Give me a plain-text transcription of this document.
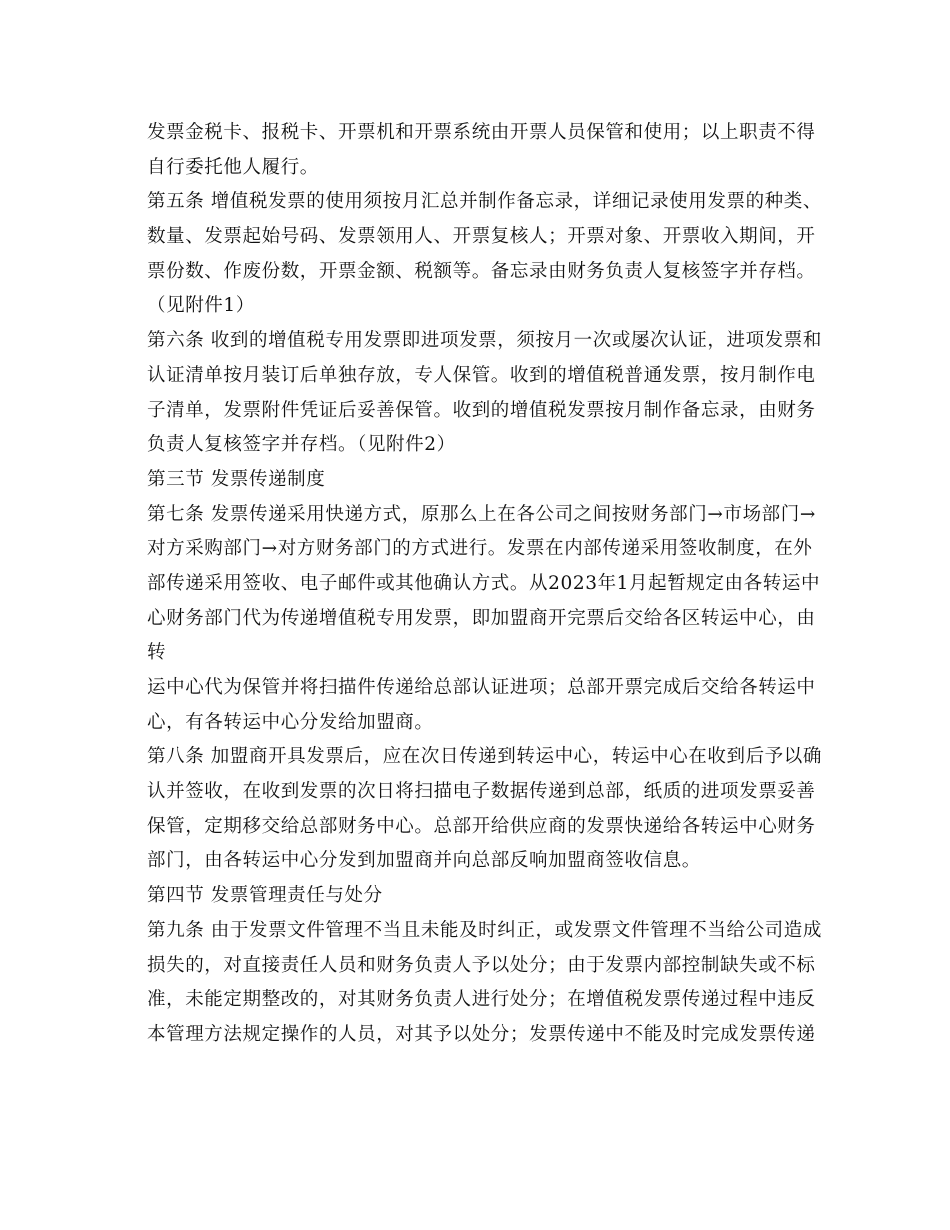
发票金税卡、报税卡、开票机和开票系统由开票人员保管和使用；以上职责不得
自行委托他人履行。
第五条 增值税发票的使用须按月汇总并制作备忘录，详细记录使用发票的种类、
数量、发票起始号码、发票领用人、开票复核人；开票对象、开票收入期间，开
票份数、作废份数，开票金额、税额等。备忘录由财务负责人复核签字并存档。
（见附件1）
第六条 收到的增值税专用发票即进项发票，须按月一次或屡次认证，进项发票和
认证清单按月装订后单独存放，专人保管。收到的增值税普通发票，按月制作电
子清单，发票附件凭证后妥善保管。收到的增值税发票按月制作备忘录，由财务
负责人复核签字并存档。（见附件2）
第三节 发票传递制度
第七条 发票传递采用快递方式，原那么上在各公司之间按财务部门→市场部门→
对方采购部门→对方财务部门的方式进行。发票在内部传递采用签收制度，在外
部传递采用签收、电子邮件或其他确认方式。从2023年1月起暂规定由各转运中
心财务部门代为传递增值税专用发票，即加盟商开完票后交给各区转运中心，由
转
运中心代为保管并将扫描件传递给总部认证进项；总部开票完成后交给各转运中
心，有各转运中心分发给加盟商。
第八条 加盟商开具发票后，应在次日传递到转运中心，转运中心在收到后予以确
认并签收，在收到发票的次日将扫描电子数据传递到总部，纸质的进项发票妥善
保管，定期移交给总部财务中心。总部开给供应商的发票快递给各转运中心财务
部门，由各转运中心分发到加盟商并向总部反响加盟商签收信息。
第四节 发票管理责任与处分
第九条 由于发票文件管理不当且未能及时纠正，或发票文件管理不当给公司造成
损失的，对直接责任人员和财务负责人予以处分；由于发票内部控制缺失或不标
准，未能定期整改的，对其财务负责人进行处分；在增值税发票传递过程中违反
本管理方法规定操作的人员，对其予以处分；发票传递中不能及时完成发票传递
